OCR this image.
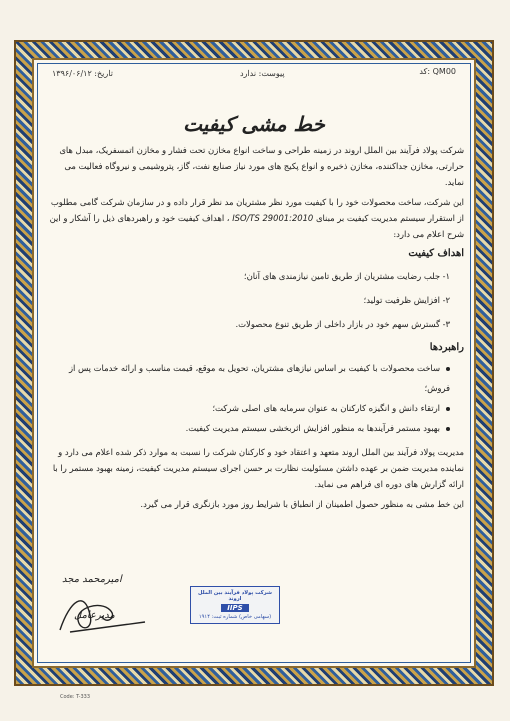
تاریخ: ۱۳۹۶/۰۶/۱۲	پیوست: ندارد	کد: QM00
خط مشی کیفیت

شرکت پولاد فرآیند بین الملل اروند در زمینه طراحی و ساخت انواع مخازن تحت فشار و مخازن اتمسفریک، مبدل های حرارتی، مخازن جداکننده، مخازن ذخیره و انواع پکیج های مورد نیاز صنایع نفت، گاز، پتروشیمی و نیروگاه فعالیت می نماید.

این شرکت، ساخت محصولات خود را با کیفیت مورد نظر مشتریان مد نظر قرار داده و در سازمان شرکت گامی مطلوب از استقرار سیستم مدیریت کیفیت بر مبنای ISO/TS 29001:2010 ، اهداف کیفیت خود و راهبردهای ذیل را آشکار و این شرح اعلام می دارد:

اهداف کیفیت
۱- جلب رضایت مشتریان از طریق تامین نیازمندی های آنان؛
۲- افزایش ظرفیت تولید؛
۳- گسترش سهم خود در بازار داخلی از طریق تنوع محصولات.
راهبردها
ساخت محصولات با کیفیت بر اساس نیازهای مشتریان، تحویل به موقع، قیمت مناسب و ارائه خدمات پس از فروش؛
ارتقاء دانش و انگیزه کارکنان به عنوان سرمایه های اصلی شرکت؛
بهبود مستمر فرآیندها به منظور افزایش اثربخشی سیستم مدیریت کیفیت.

مدیریت پولاد فرآیند بین الملل اروند متعهد و اعتقاد خود و کارکنان شرکت را نسبت به موارد ذکر شده اعلام می دارد و نماینده مدیریت ضمن بر عهده داشتن مسئولیت نظارت بر حسن اجرای سیستم مدیریت کیفیت، زمینه بهبود مستمر را با ارائه گزارش های دوره ای فراهم می نماید.

این خط مشی به منظور حصول اطمینان از انطباق با شرایط روز مورد بازنگری قرار می گیرد.

امیرمحمد مجد
مدیرعامل
شرکت پولاد فرآیند بین الملل اروند
IIPS
(سهامی خاص) شماره ثبت: ۱۹۱۴
Code: T-333
